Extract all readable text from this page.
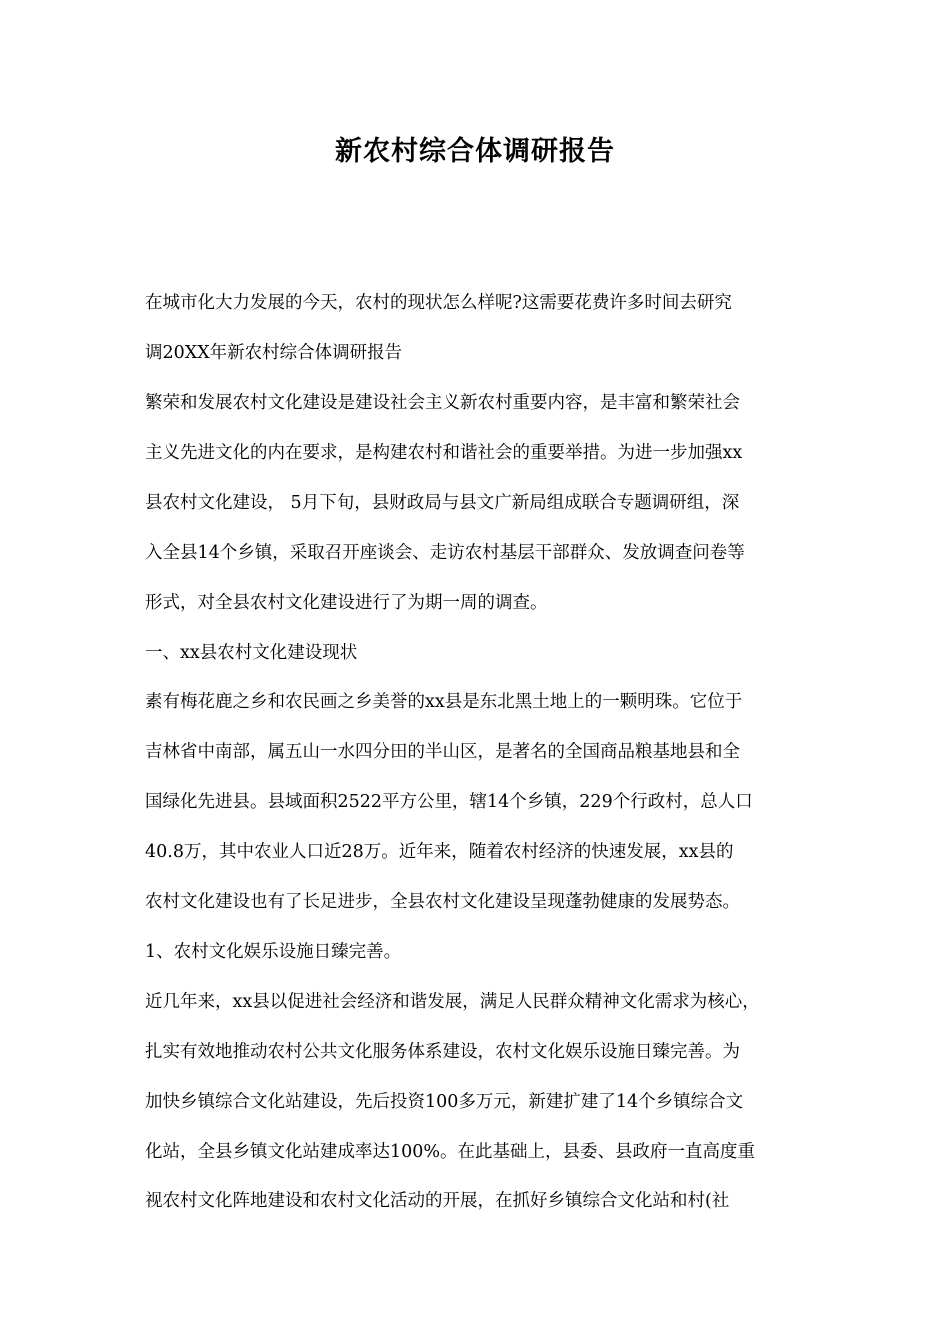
新农村综合体调研报告
在城市化大力发展的今天，农村的现状怎么样呢?这需要花费许多时间去研究
调20XX年新农村综合体调研报告
繁荣和发展农村文化建设是建设社会主义新农村重要内容，是丰富和繁荣社会
主义先进文化的内在要求，是构建农村和谐社会的重要举措。为进一步加强xx
县农村文化建设， 5月下旬，县财政局与县文广新局组成联合专题调研组，深
入全县14个乡镇，采取召开座谈会、走访农村基层干部群众、发放调查问卷等
形式，对全县农村文化建设进行了为期一周的调查。
一、xx县农村文化建设现状
素有梅花鹿之乡和农民画之乡美誉的xx县是东北黑土地上的一颗明珠。它位于
吉林省中南部，属五山一水四分田的半山区，是著名的全国商品粮基地县和全
国绿化先进县。县域面积2522平方公里，辖14个乡镇，229个行政村，总人口
40.8万，其中农业人口近28万。近年来，随着农村经济的快速发展，xx县的
农村文化建设也有了长足进步，全县农村文化建设呈现蓬勃健康的发展势态。
1、农村文化娱乐设施日臻完善。
近几年来，xx县以促进社会经济和谐发展，满足人民群众精神文化需求为核心，
扎实有效地推动农村公共文化服务体系建设，农村文化娱乐设施日臻完善。为
加快乡镇综合文化站建设，先后投资100多万元，新建扩建了14个乡镇综合文
化站，全县乡镇文化站建成率达100%。在此基础上，县委、县政府一直高度重
视农村文化阵地建设和农村文化活动的开展，在抓好乡镇综合文化站和村(社
